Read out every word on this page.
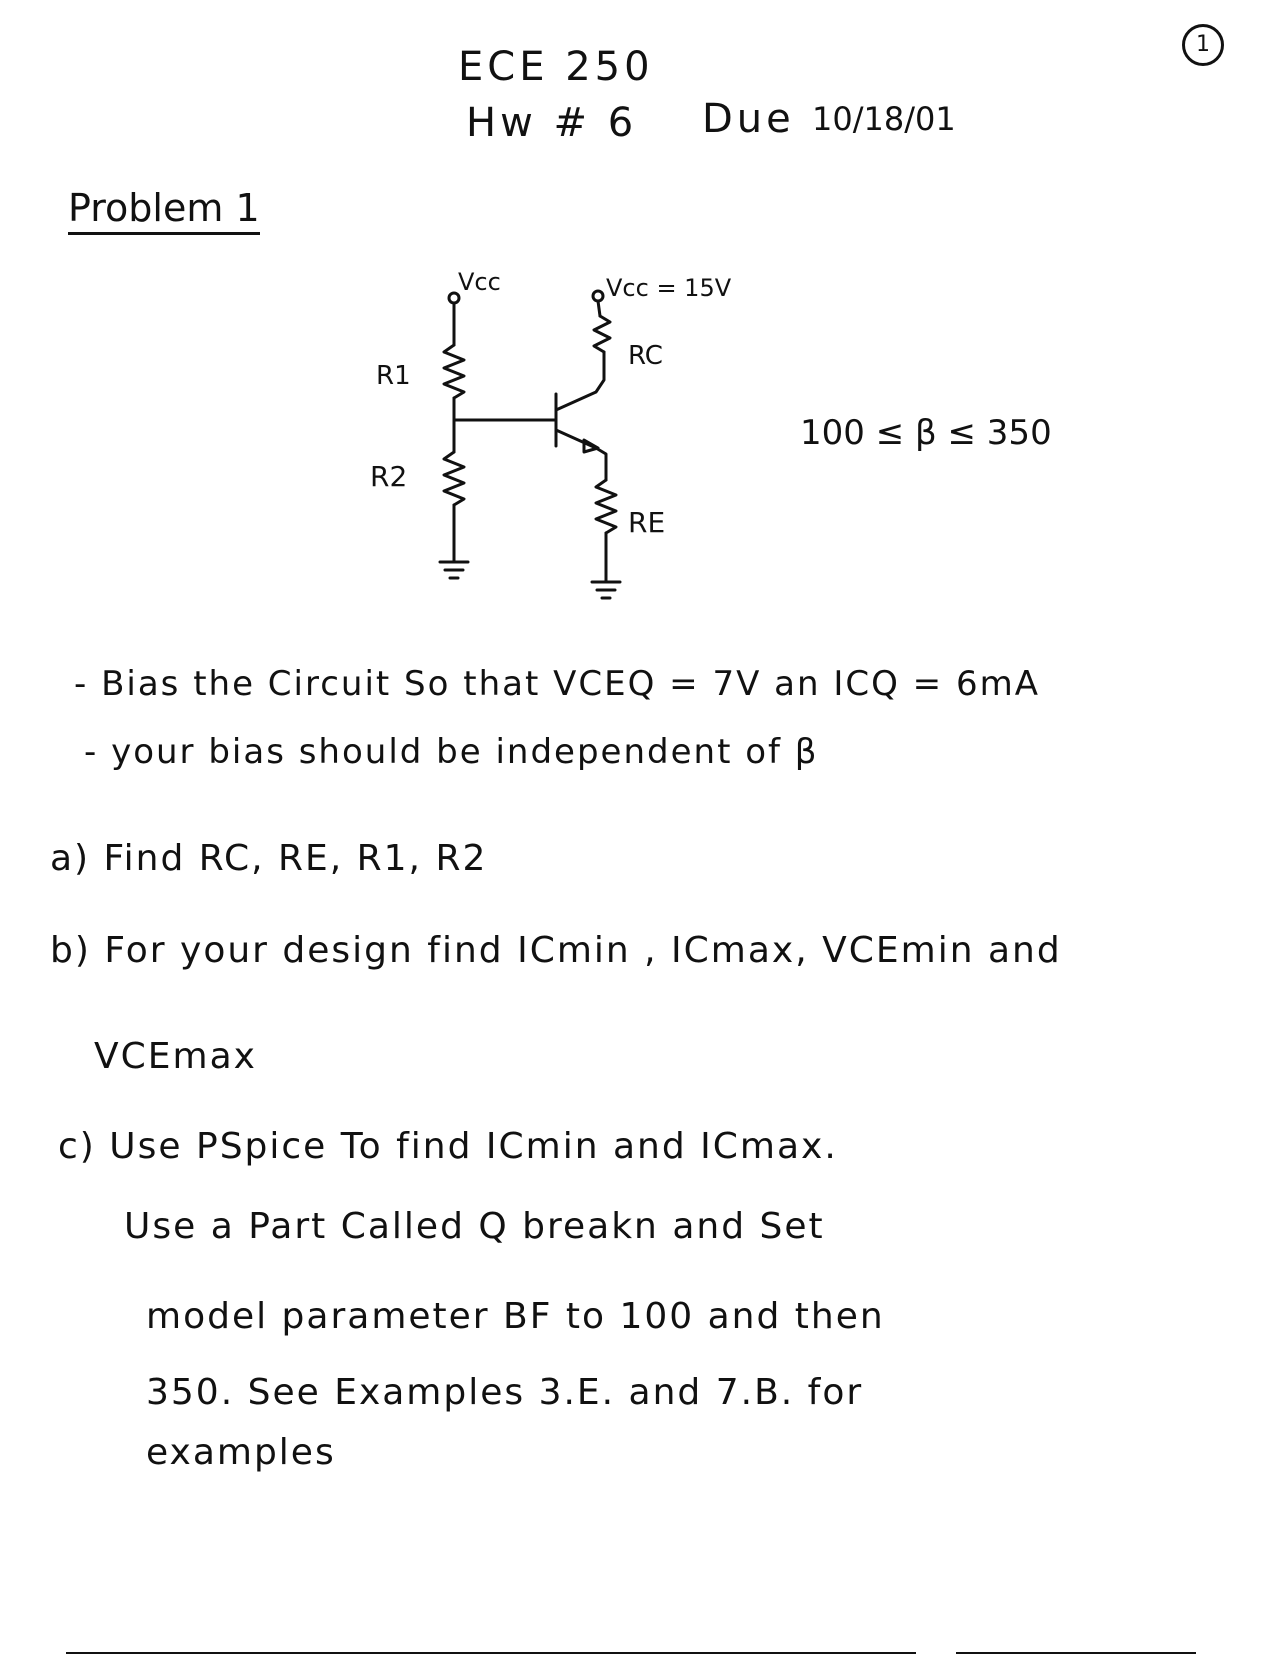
1
ECE 250
Hw # 6 Due 10/18/01
Problem 1
Vcc
R1
R2
Vcc = 15V
RC
RE
100 ≤ β ≤ 350
- Bias the Circuit So that VCEQ = 7V an ICQ = 6mA
- your bias should be independent of β
a) Find RC, RE, R1, R2
b) For your design find ICmin , ICmax, VCEmin and
VCEmax
c) Use PSpice To find ICmin and ICmax.
Use a Part Called Q breakn and Set
model parameter BF to 100 and then
350. See Examples 3.E. and 7.B. for
examples
